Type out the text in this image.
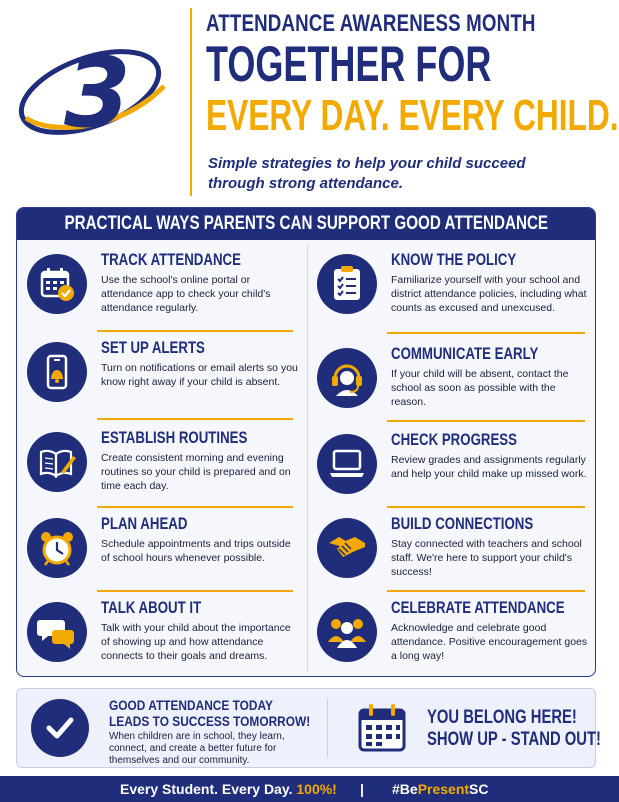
3
ATTENDANCE AWARENESS MONTH
TOGETHER FOR
EVERY DAY. EVERY CHILD.
Simple strategies to help your child succeed through strong attendance.
PRACTICAL WAYS PARENTS CAN SUPPORT GOOD ATTENDANCE
TRACK ATTENDANCE
Use the school's online portal or attendance app to check your child's attendance regularly.
SET UP ALERTS
Turn on notifications or email alerts so you know right away if your child is absent.
ESTABLISH ROUTINES
Create consistent morning and evening routines so your child is prepared and on time each day.
PLAN AHEAD
Schedule appointments and trips outside of school hours whenever possible.
TALK ABOUT IT
Talk with your child about the importance of showing up and how attendance connects to their goals and dreams.
KNOW THE POLICY
Familiarize yourself with your school and district attendance policies, including what counts as excused and unexcused.
COMMUNICATE EARLY
If your child will be absent, contact the school as soon as possible with the reason.
CHECK PROGRESS
Review grades and assignments regularly and help your child make up missed work.
BUILD CONNECTIONS
Stay connected with teachers and school staff. We're here to support your child's success!
CELEBRATE ATTENDANCE
Acknowledge and celebrate good attendance. Positive encouragement goes a long way!
GOOD ATTENDANCE TODAY
LEADS TO SUCCESS TOMORROW!
When children are in school, they learn, connect, and create a better future for themselves and our community.
YOU BELONG HERE!
SHOW UP - STAND OUT!
Every Student. Every Day. 100%! | #BePresentSC
